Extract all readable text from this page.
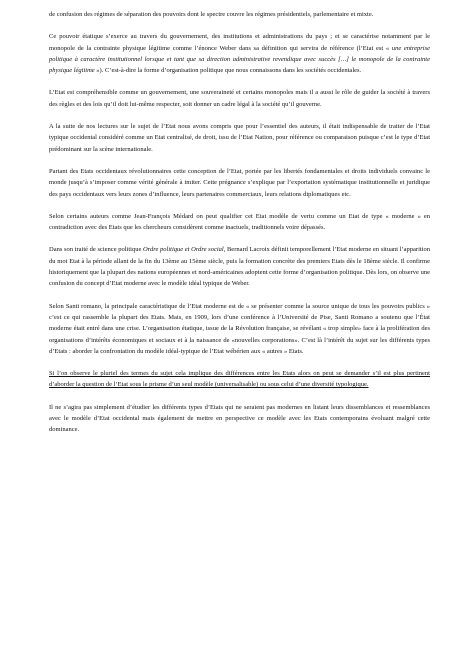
de confusion des régimes de séparation des pouvoirs dont le spectre couvre les régimes présidentiels, parlementaire et mixte.

Ce pouvoir étatique s’exerce au travers du gouvernement, des institutions et administrations du pays ; et se caractérise notamment par le monopole de la contrainte physique légitime comme l’énonce Weber dans sa définition qui servira de référence (l’Etat est « une entreprise politique à caractère institutionnel lorsque et tant que sa direction administrative revendique avec succès […] le monopole de la contrainte physique légitime »). C’est-à-dire la forme d’organisation politique que nous connaissons dans les sociétés occidentales.

L’Etat est compréhensible comme un gouvernement, une souveraineté et certains monopoles mais il a aussi le rôle de guider la société à travers des règles et des lois qu’il doit lui-même respecter, soit donner un cadre légal à la société qu’il gouverne.

A la suite de nos lectures sur le sujet de l’Etat nous avons compris que pour l’essentiel des auteurs, il était indispensable de traiter de l’Etat typique occidental considéré comme un Etat centralisé, de droit, issu de l’Etat Nation, pour référence ou comparaison puisque c’est le type d’Etat prédominant sur la scène internationale.

Partant des Etats occidentaux révolutionnaires cette conception de l’Etat, portée par les libertés fondamentales et droits individuels convainc le monde jusqu’à s’imposer comme vérité générale à imiter. Cette prégnance s’explique par l’exportation systématique institutionnelle et juridique des pays occidentaux vers leurs zones d’influence, leurs partenaires commerciaux, leurs relations diplomatiques etc.

Selon certains auteurs comme Jean-François Médard on peut qualifier cet Etat modèle de vertu comme un Etat de type « moderne » en contradiction avec des Etats que les chercheurs considèrent comme inactuels, traditionnels voire dépassés.

Dans son traité de science politique Ordre politique et Ordre social, Bernard Lacroix définit temporellement l’Etat moderne en situant l’apparition du mot Etat à la période allant de la fin du 13ème au 15ème siècle, puis la formation concrète des premiers Etats dès le 18ème siècle. Il confirme historiquement que la plupart des nations européennes et nord-américaines adoptent cette forme d’organisation politique. Dès lors, on observe une confusion du concept d’Etat moderne avec le modèle idéal typique de Weber.

Selon Santi romano, la principale caractéristique de l’Etat moderne est de « se présenter comme la source unique de tous les pouvoirs publics » c’est ce qui rassemble la plupart des Etats. Mais, en 1909, lors d’une conférence à l’Université de Pise, Santi Romano a soutenu que l’État moderne était entré dans une crise. L’organisation étatique, issue de la Révolution française, se révélant « trop simple» face à la prolifération des organisations d’intérêts économiques et sociaux et à la naissance de «nouvelles corporations». C’est là l’intérêt du sujet sur les différents types d’Etats : aborder la confrontation du modèle idéal-typique de l’Etat wébérien aux « autres » Etats.

Si l’on observe le pluriel des termes du sujet cela implique des différences entre les Etats alors on peut se demander s’il est plus pertinent d’aborder la question de l’Etat sous le prisme d’un seul modèle (universalisable) ou sous celui d’une diversité typologique.

Il ne s’agira pas simplement d’étudier les différents types d’Etats qui ne seraient pas modernes en listant leurs dissemblances et ressemblances avec le modèle d’Etat occidental mais également de mettre en perspective ce modèle avec les Etats contemporains évoluant malgré cette dominance.
